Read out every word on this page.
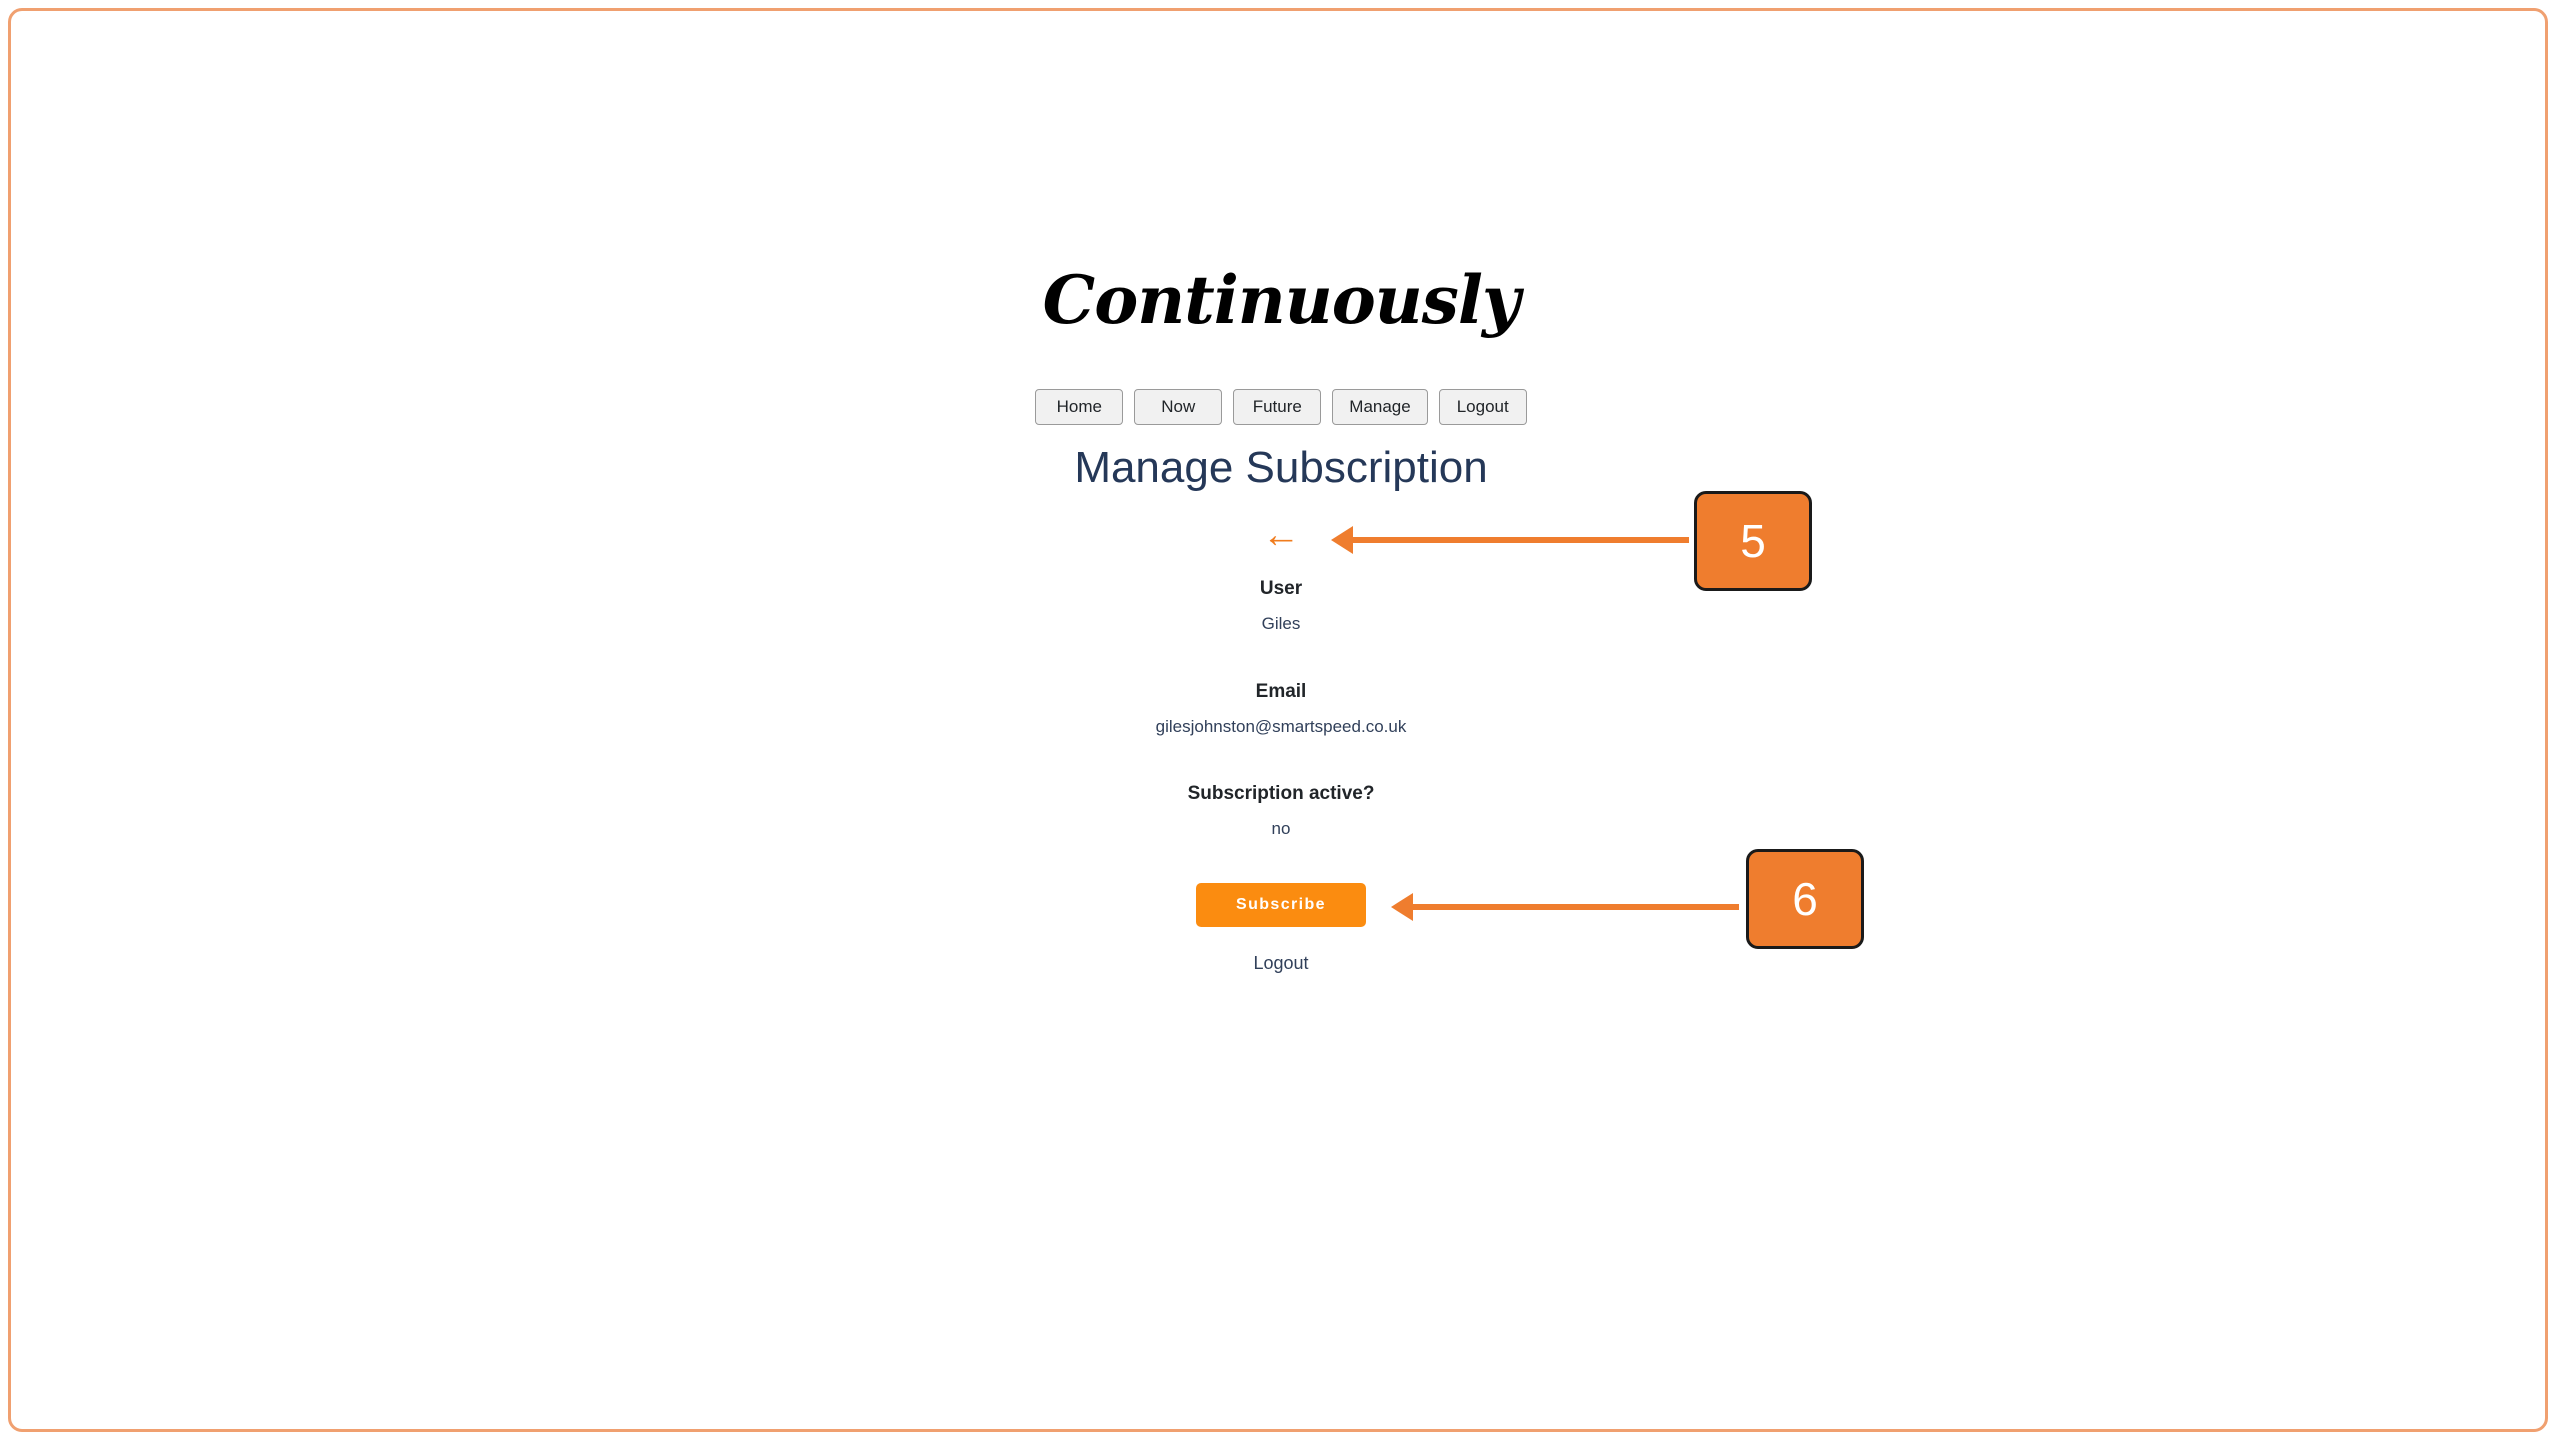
Continuously
Home	Now	Future	Manage	Logout
Manage Subscription
←
User
Giles
Email
gilesjohnston@smartspeed.co.uk
Subscription active?
no
Subscribe
Logout
5
6
